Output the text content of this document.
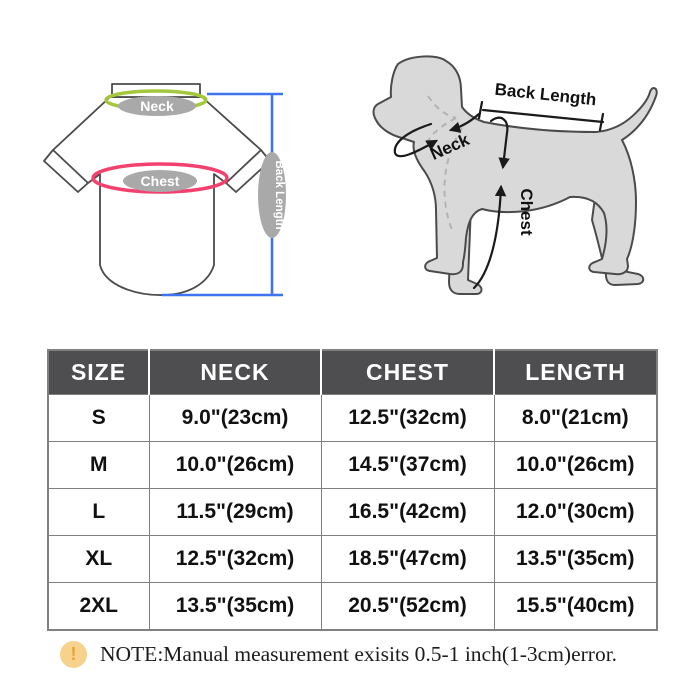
Neck
Chest	Back Length
Back Length
Neck
Chest
SIZE	NECK	CHEST	LENGTH
S	9.0"(23cm)	12.5"(32cm)	8.0"(21cm)
M	10.0"(26cm)	14.5"(37cm)	10.0"(26cm)
L	11.5"(29cm)	16.5"(42cm)	12.0"(30cm)
XL	12.5"(32cm)	18.5"(47cm)	13.5"(35cm)
2XL	13.5"(35cm)	20.5"(52cm)	15.5"(40cm)
!	NOTE:Manual measurement exisits 0.5-1 inch(1-3cm)error.
